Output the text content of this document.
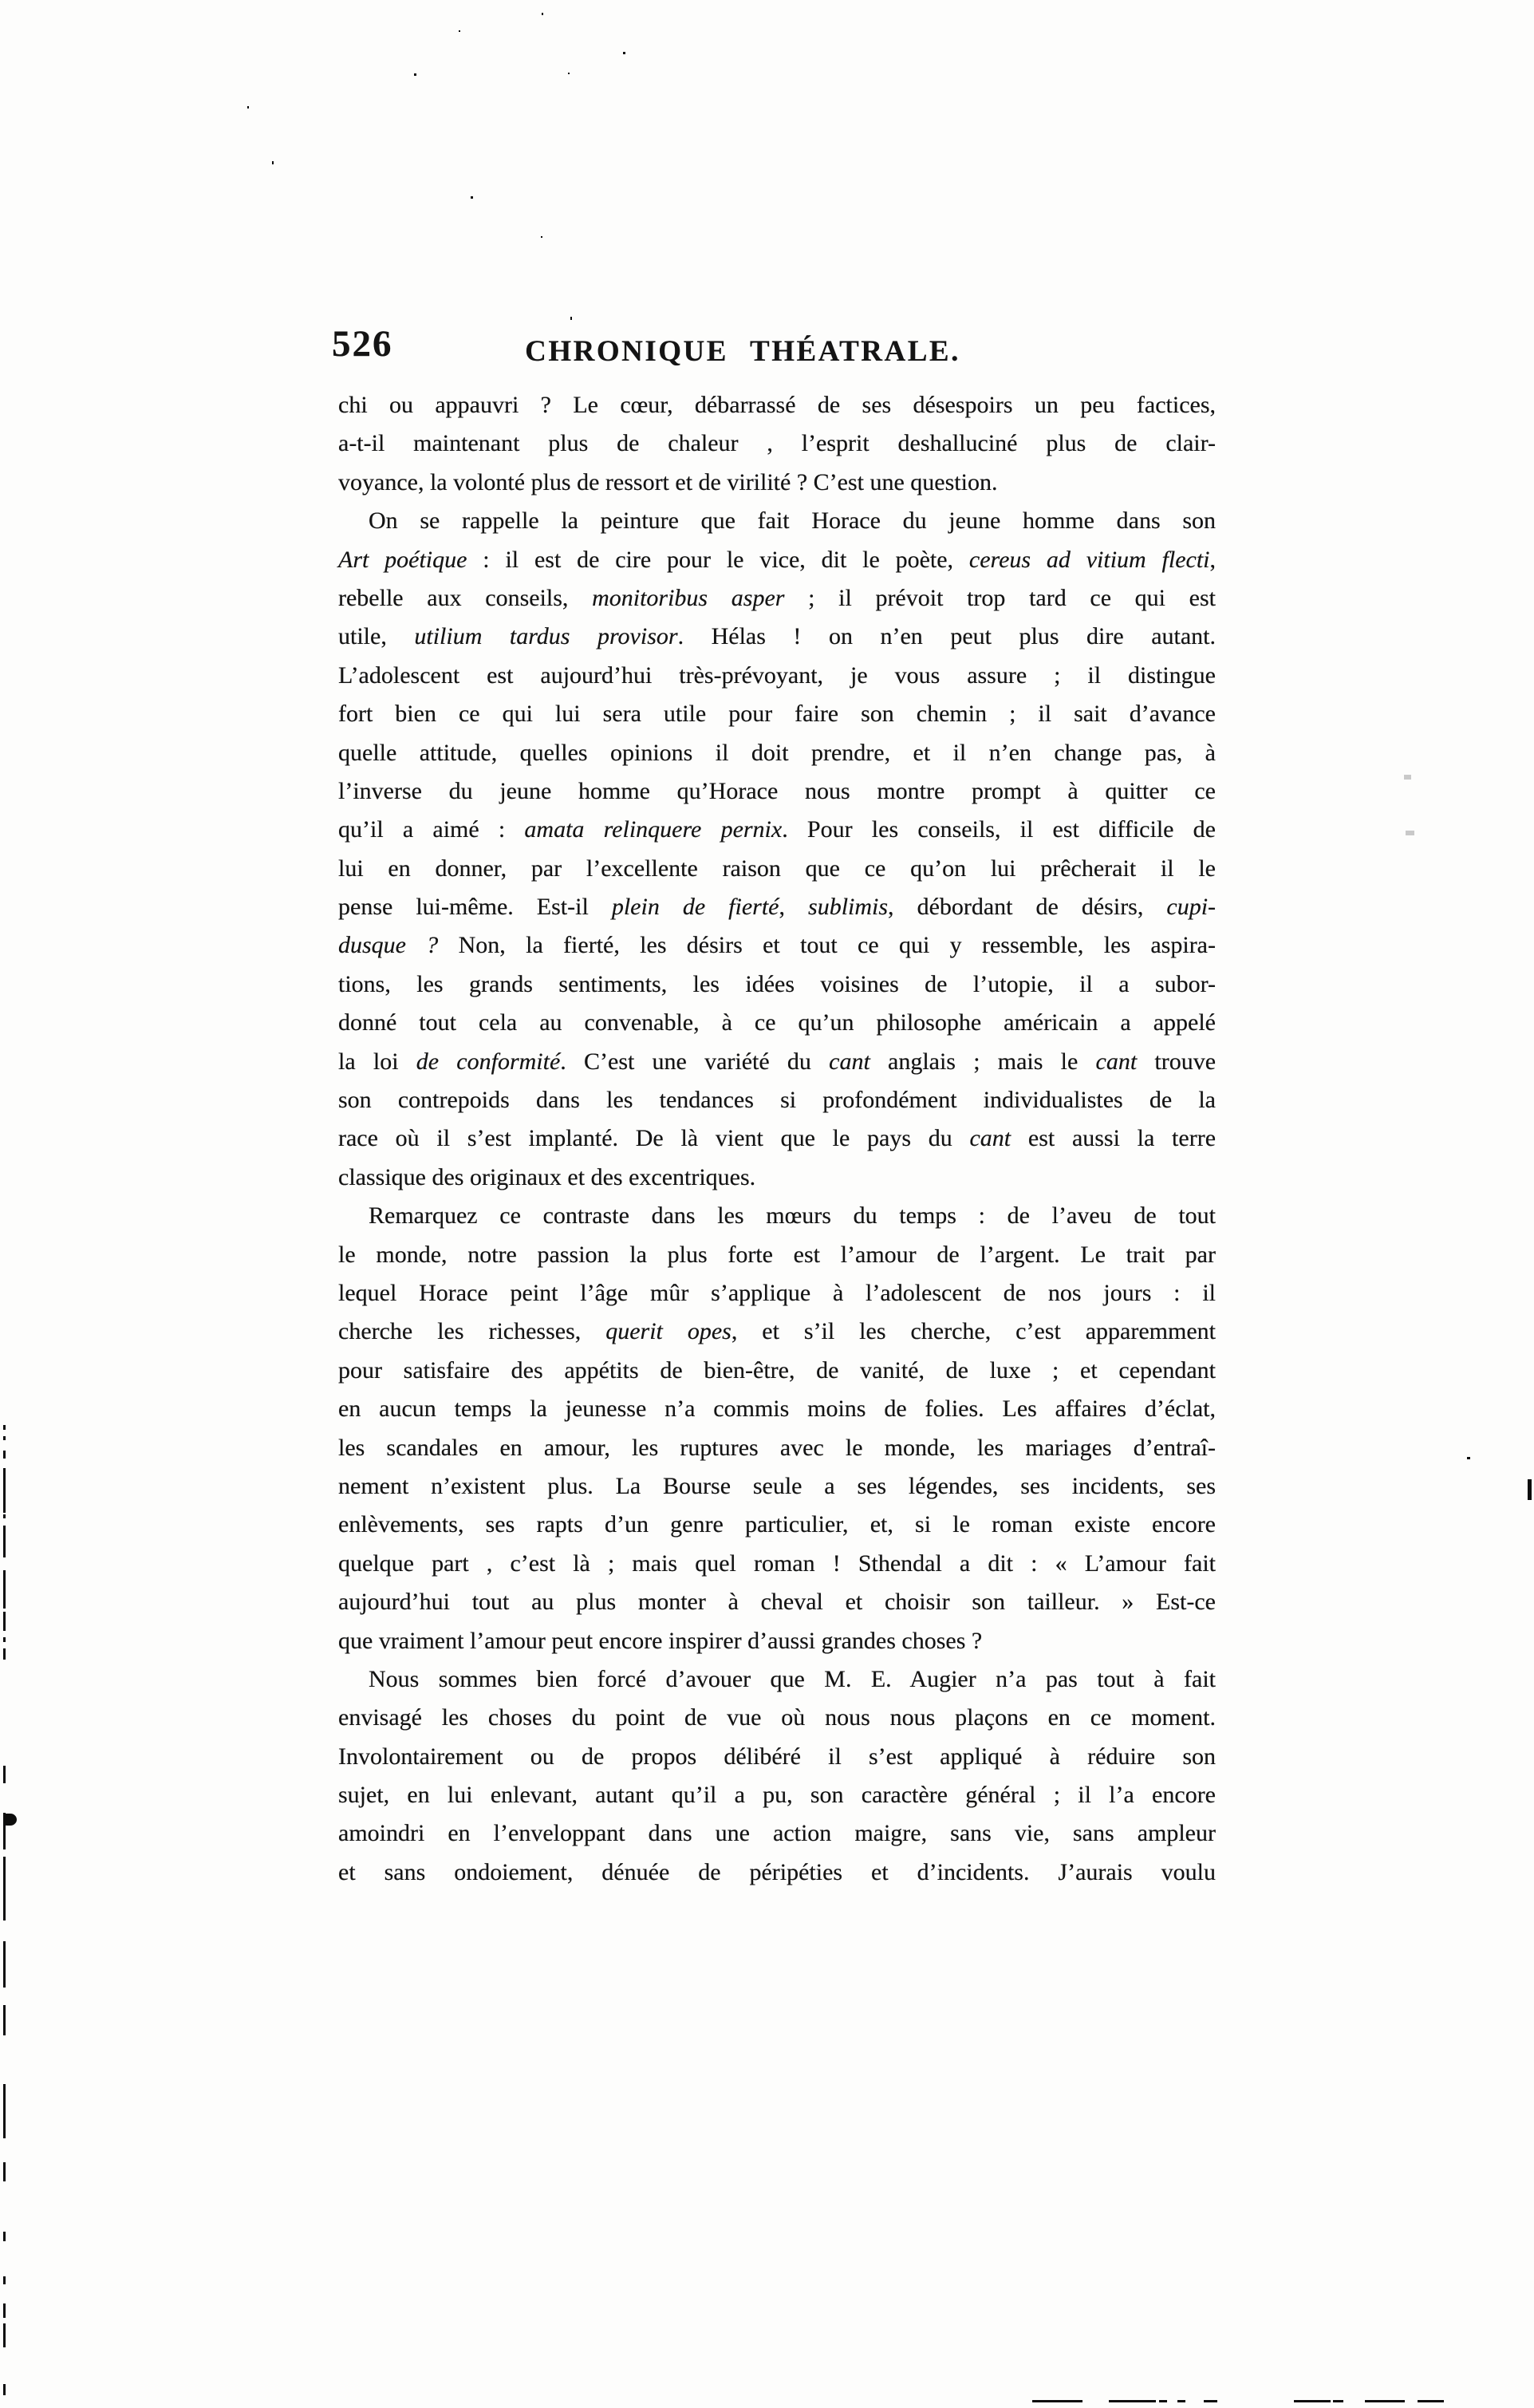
526	CHRONIQUE THÉATRALE.
chi ou appauvri ? Le cœur, débarrassé de ses désespoirs un peu factices,
a-t-il maintenant plus de chaleur , l’esprit deshalluciné plus de clair-
voyance, la volonté plus de ressort et de virilité ? C’est une question.
On se rappelle la peinture que fait Horace du jeune homme dans son
Art poétique : il est de cire pour le vice, dit le poète, cereus ad vitium flecti,
rebelle aux conseils, monitoribus asper ; il prévoit trop tard ce qui est
utile, utilium tardus provisor. Hélas ! on n’en peut plus dire autant.
L’adolescent est aujourd’hui très-prévoyant, je vous assure ; il distingue
fort bien ce qui lui sera utile pour faire son chemin ; il sait d’avance
quelle attitude, quelles opinions il doit prendre, et il n’en change pas, à
l’inverse du jeune homme qu’Horace nous montre prompt à quitter ce
qu’il a aimé : amata relinquere pernix. Pour les conseils, il est difficile de
lui en donner, par l’excellente raison que ce qu’on lui prêcherait il le
pense lui-même. Est-il plein de fierté, sublimis, débordant de désirs, cupi-
dusque ? Non, la fierté, les désirs et tout ce qui y ressemble, les aspira-
tions, les grands sentiments, les idées voisines de l’utopie, il a subor-
donné tout cela au convenable, à ce qu’un philosophe américain a appelé
la loi de conformité. C’est une variété du cant anglais ; mais le cant trouve
son contrepoids dans les tendances si profondément individualistes de la
race où il s’est implanté. De là vient que le pays du cant est aussi la terre
classique des originaux et des excentriques.
Remarquez ce contraste dans les mœurs du temps : de l’aveu de tout
le monde, notre passion la plus forte est l’amour de l’argent. Le trait par
lequel Horace peint l’âge mûr s’applique à l’adolescent de nos jours : il
cherche les richesses, querit opes, et s’il les cherche, c’est apparemment
pour satisfaire des appétits de bien-être, de vanité, de luxe ; et cependant
en aucun temps la jeunesse n’a commis moins de folies. Les affaires d’éclat,
les scandales en amour, les ruptures avec le monde, les mariages d’entraî-
nement n’existent plus. La Bourse seule a ses légendes, ses incidents, ses
enlèvements, ses rapts d’un genre particulier, et, si le roman existe encore
quelque part , c’est là ; mais quel roman ! Sthendal a dit : « L’amour fait
aujourd’hui tout au plus monter à cheval et choisir son tailleur. » Est-ce
que vraiment l’amour peut encore inspirer d’aussi grandes choses ?
Nous sommes bien forcé d’avouer que M. E. Augier n’a pas tout à fait
envisagé les choses du point de vue où nous nous plaçons en ce moment.
Involontairement ou de propos délibéré il s’est appliqué à réduire son
sujet, en lui enlevant, autant qu’il a pu, son caractère général ; il l’a encore
amoindri en l’enveloppant dans une action maigre, sans vie, sans ampleur
et sans ondoiement, dénuée de péripéties et d’incidents. J’aurais voulu
